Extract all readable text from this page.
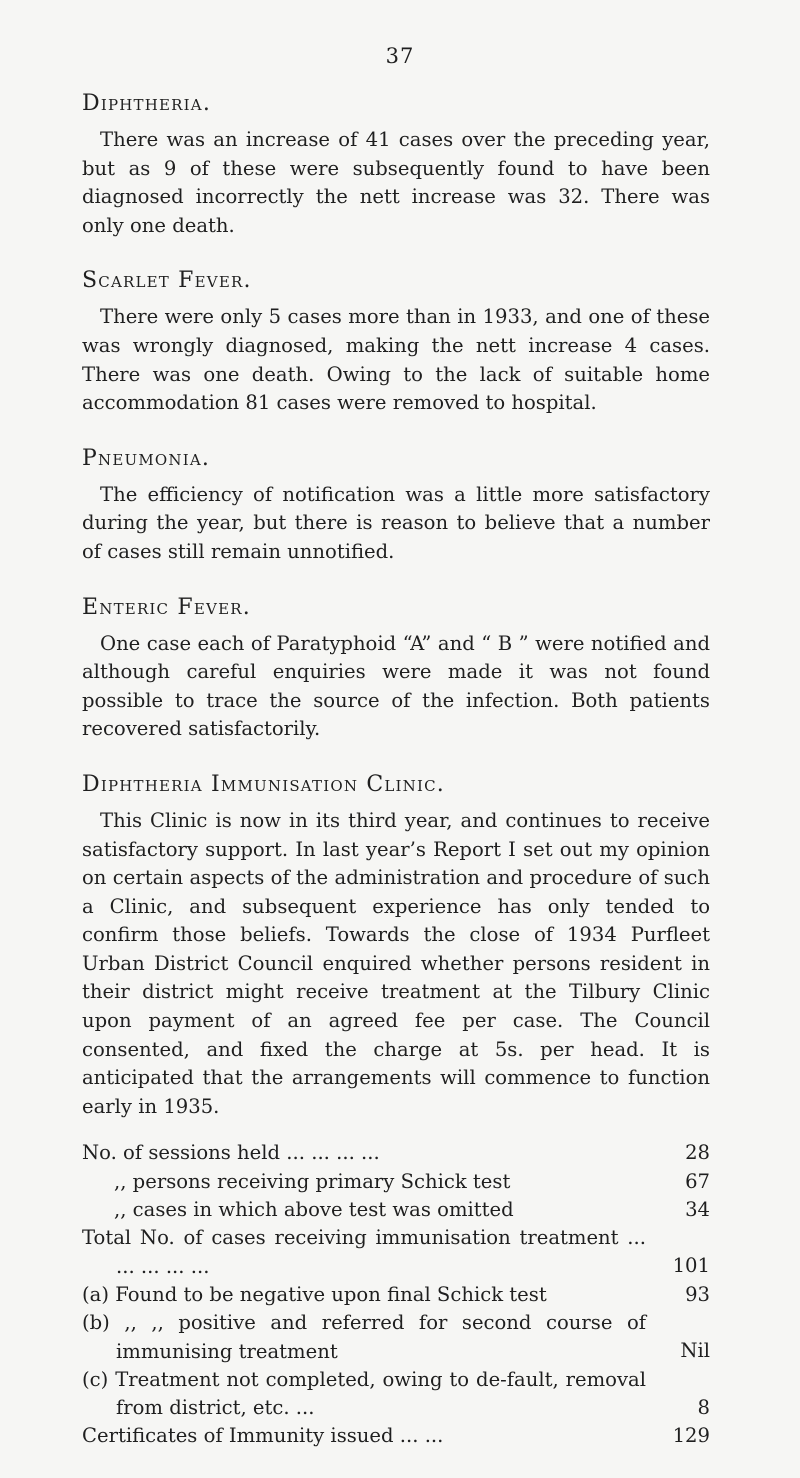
37
Diphtheria.

There was an increase of 41 cases over the preceding year, but as 9 of these were subsequently found to have been diagnosed incorrectly the nett increase was 32. There was only one death.

Scarlet Fever.

There were only 5 cases more than in 1933, and one of these was wrongly diagnosed, making the nett increase 4 cases. There was one death. Owing to the lack of suitable home accommodation 81 cases were removed to hospital.

Pneumonia.

The efficiency of notification was a little more satisfactory during the year, but there is reason to believe that a number of cases still remain unnotified.

Enteric Fever.

One case each of Paratyphoid “A” and “ B ” were notified and although careful enquiries were made it was not found possible to trace the source of the infection. Both patients recovered satisfactorily.

Diphtheria Immunisation Clinic.

This Clinic is now in its third year, and continues to receive satisfactory support. In last year’s Report I set out my opinion on certain aspects of the administration and procedure of such a Clinic, and subsequent experience has only tended to confirm those beliefs. Towards the close of 1934 Purfleet Urban District Council enquired whether persons resident in their district might receive treatment at the Tilbury Clinic upon payment of an agreed fee per case. The Council consented, and fixed the charge at 5s. per head. It is anticipated that the arrangements will commence to function early in 1935.

No. of sessions held ... ... ... ...	28
,, persons receiving primary Schick test	67
,, cases in which above test was omitted	34
Total No. of cases receiving immunisation treatment ... ... ... ... ...	101
(a) Found to be negative upon final Schick test	93
(b) ,, ,, positive and referred for second course of immunising treatment	Nil
(c) Treatment not completed, owing to de-fault, removal from district, etc. ...	8
Certificates of Immunity issued ... ...	129
